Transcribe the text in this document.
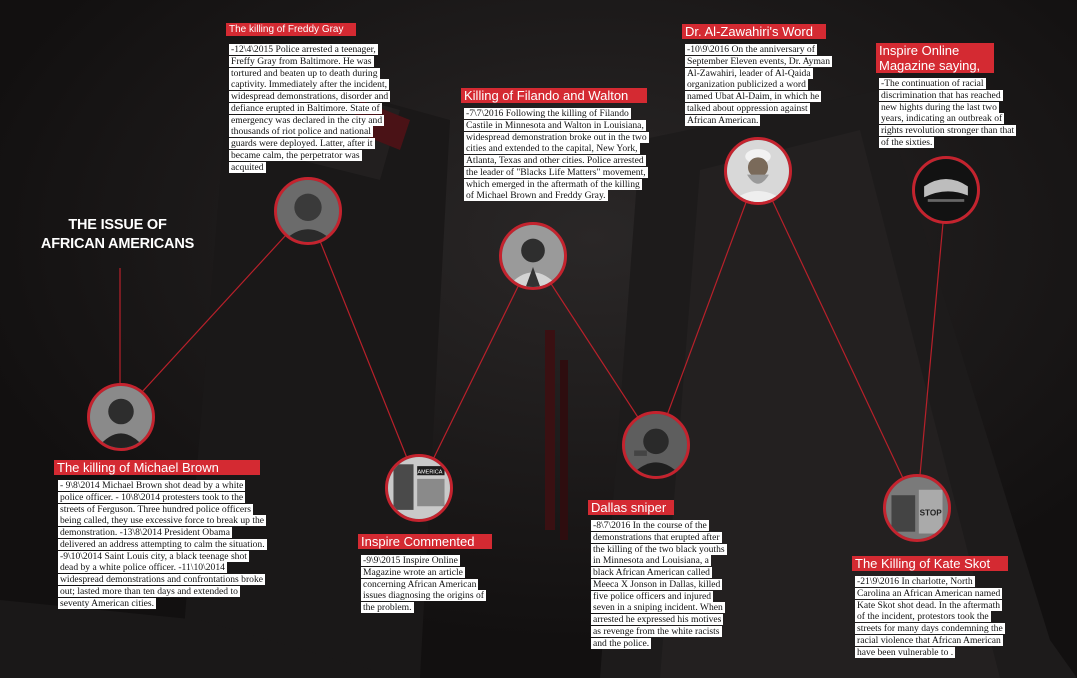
THE ISSUE OF
AFRICAN AMERICANS
AMERICA
STOP
The killing of Michael Brown
The killing of Freddy Gray
Inspire Commented
Killing of Filando and Walton
Dallas sniper
Dr. Al-Zawahiri's Word
Inspire Online Magazine saying,
The Killing of Kate Skot

- 9\8\2014 Michael Brown shot dead by a white police officer. - 10\8\2014 protesters took to the streets of Ferguson. Three hundred police officers being called, they use excessive force to break up the demonstration. -13\8\2014 President Obama delivered an address attempting to calm the situation. -9\10\2014 Saint Louis city, a black teenage shot dead by a white police officer. -11\10\2014 widespread demonstrations and confrontations broke out; lasted more than ten days and extended to seventy American cities.

-12\4\2015 Police arrested a teenager, Freffy Gray from Baltimore. He was tortured and beaten up to death during captivity. Immediately after the incident, widespread demonstrations, disorder and defiance erupted in Baltimore. State of emergency was declared in the city and thousands of riot police and national guards were deployed. Latter, after it became calm, the perpetrator was acquited

-9\9\2015 Inspire Online Magazine wrote an article concerning African American issues diagnosing the origins of the problem.

-7\7\2016 Following the killing of Filando Castile in Minnesota and Walton in Louisiana, widespread demonstration broke out in the two cities and extended to the capital, New York, Atlanta, Texas and other cities. Police arrested the leader of "Blacks Life Matters" movement, which emerged in the aftermath of the killing of Michael Brown and Freddy Gray.

-8\7\2016 In the course of the demonstrations that erupted after the killing of the two black youths in Minnesota and Louisiana, a black African American called Meeca X Jonson in Dallas, killed five police officers and injured seven in a sniping incident. When arrested he expressed his motives as revenge from the white racists and the police.

-10\9\2016 On the anniversary of September Eleven events, Dr. Ayman Al-Zawahiri, leader of Al-Qaida organization publicized a word named Ubat Al-Daim, in which he talked about oppression against African American.

-The continuation of racial discrimination that has reached new hights during the last two years, indicating an outbreak of rights revolution stronger than that of the sixties.

-21\9\2016 In charlotte, North Carolina an African American named Kate Skot shot dead. In the aftermath of the incident, protestors took the streets for many days condemning the racial violence that African American have been vulnerable to .
